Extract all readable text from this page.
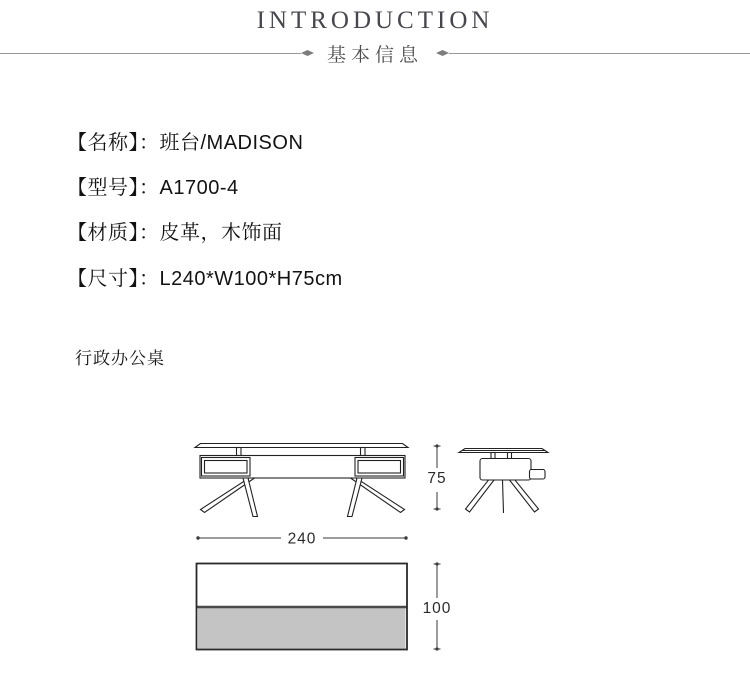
INTRODUCTION
基本信息
【名称】：班台/MADISON
【型号】：A1700-4
【材质】：皮革，木饰面
【尺寸】：L240*W100*H75cm
行政办公桌
240
75
100
